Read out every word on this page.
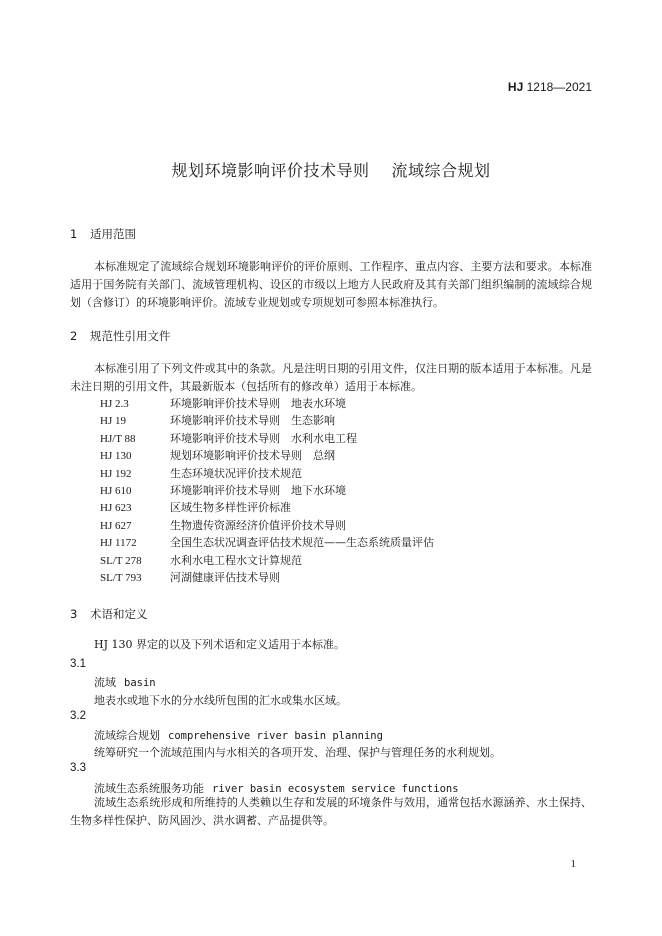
HJ 1218—2021
规划环境影响评价技术导则 流域综合规划
1 适用范围

本标准规定了流域综合规划环境影响评价的评价原则、工作程序、重点内容、主要方法和要求。本标准适用于国务院有关部门、流域管理机构、设区的市级以上地方人民政府及其有关部门组织编制的流域综合规划（含修订）的环境影响评价。流域专业规划或专项规划可参照本标准执行。

2 规范性引用文件

本标准引用了下列文件或其中的条款。凡是注明日期的引用文件，仅注日期的版本适用于本标准。凡是未注日期的引用文件，其最新版本（包括所有的修改单）适用于本标准。

HJ 2.3	环境影响评价技术导则　地表水环境
HJ 19	环境影响评价技术导则　生态影响
HJ/T 88	环境影响评价技术导则　水利水电工程
HJ 130	规划环境影响评价技术导则　总纲
HJ 192	生态环境状况评价技术规范
HJ 610	环境影响评价技术导则　地下水环境
HJ 623	区域生物多样性评价标准
HJ 627	生物遗传资源经济价值评价技术导则
HJ 1172	全国生态状况调查评估技术规范——生态系统质量评估
SL/T 278	水利水电工程水文计算规范
SL/T 793	河湖健康评估技术导则
3 术语和定义

HJ 130 界定的以及下列术语和定义适用于本标准。

3.1
流域 basin
地表水或地下水的分水线所包围的汇水或集水区域。
3.2
流域综合规划 comprehensive river basin planning
统筹研究一个流域范围内与水相关的各项开发、治理、保护与管理任务的水利规划。
3.3
流域生态系统服务功能 river basin ecosystem service functions

流域生态系统形成和所维持的人类赖以生存和发展的环境条件与效用，通常包括水源涵养、水土保持、生物多样性保护、防风固沙、洪水调蓄、产品提供等。

1
